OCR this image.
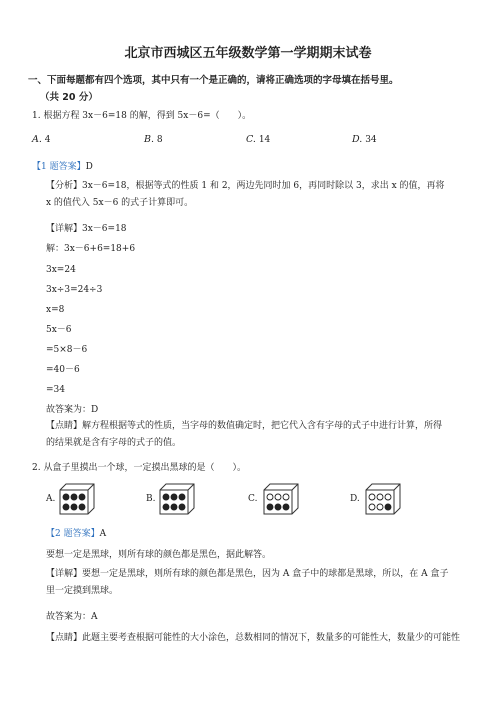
北京市西城区五年级数学第一学期期末试卷
一、下面每题都有四个选项，其中只有一个是正确的，请将正确选项的字母填在括号里。
（共 20 分）
1. 根据方程 3x－6=18 的解，得到 5x－6=（　　）。
A. 4	B. 8	C. 14	D. 34
【1 题答案】D
【分析】3x－6=18，根据等式的性质 1 和 2，两边先同时加 6，再同时除以 3，求出 x 的值，再将 x 的值代入 5x－6 的式子计算即可。
【详解】3x－6=18
解：3x－6+6=18+6
3x=24
3x÷3=24÷3
x=8
5x－6
=5×8－6
=40－6
=34
故答案为：D
【点睛】解方程根据等式的性质，当字母的数值确定时，把它代入含有字母的式子中进行计算，所得的结果就是含有字母的式子的值。
2. 从盒子里摸出一个球，一定摸出黑球的是（　　）。
A.	B.	C.	D.
【2 题答案】A
要想一定是黑球，则所有球的颜色都是黑色，据此解答。
【详解】要想一定是黑球，则所有球的颜色都是黑色，因为 A 盒子中的球都是黑球，所以，在 A 盒子里一定摸到黑球。
故答案为：A
【点睛】此题主要考查根据可能性的大小涂色，总数相同的情况下，数量多的可能性大，数量少的可能性
